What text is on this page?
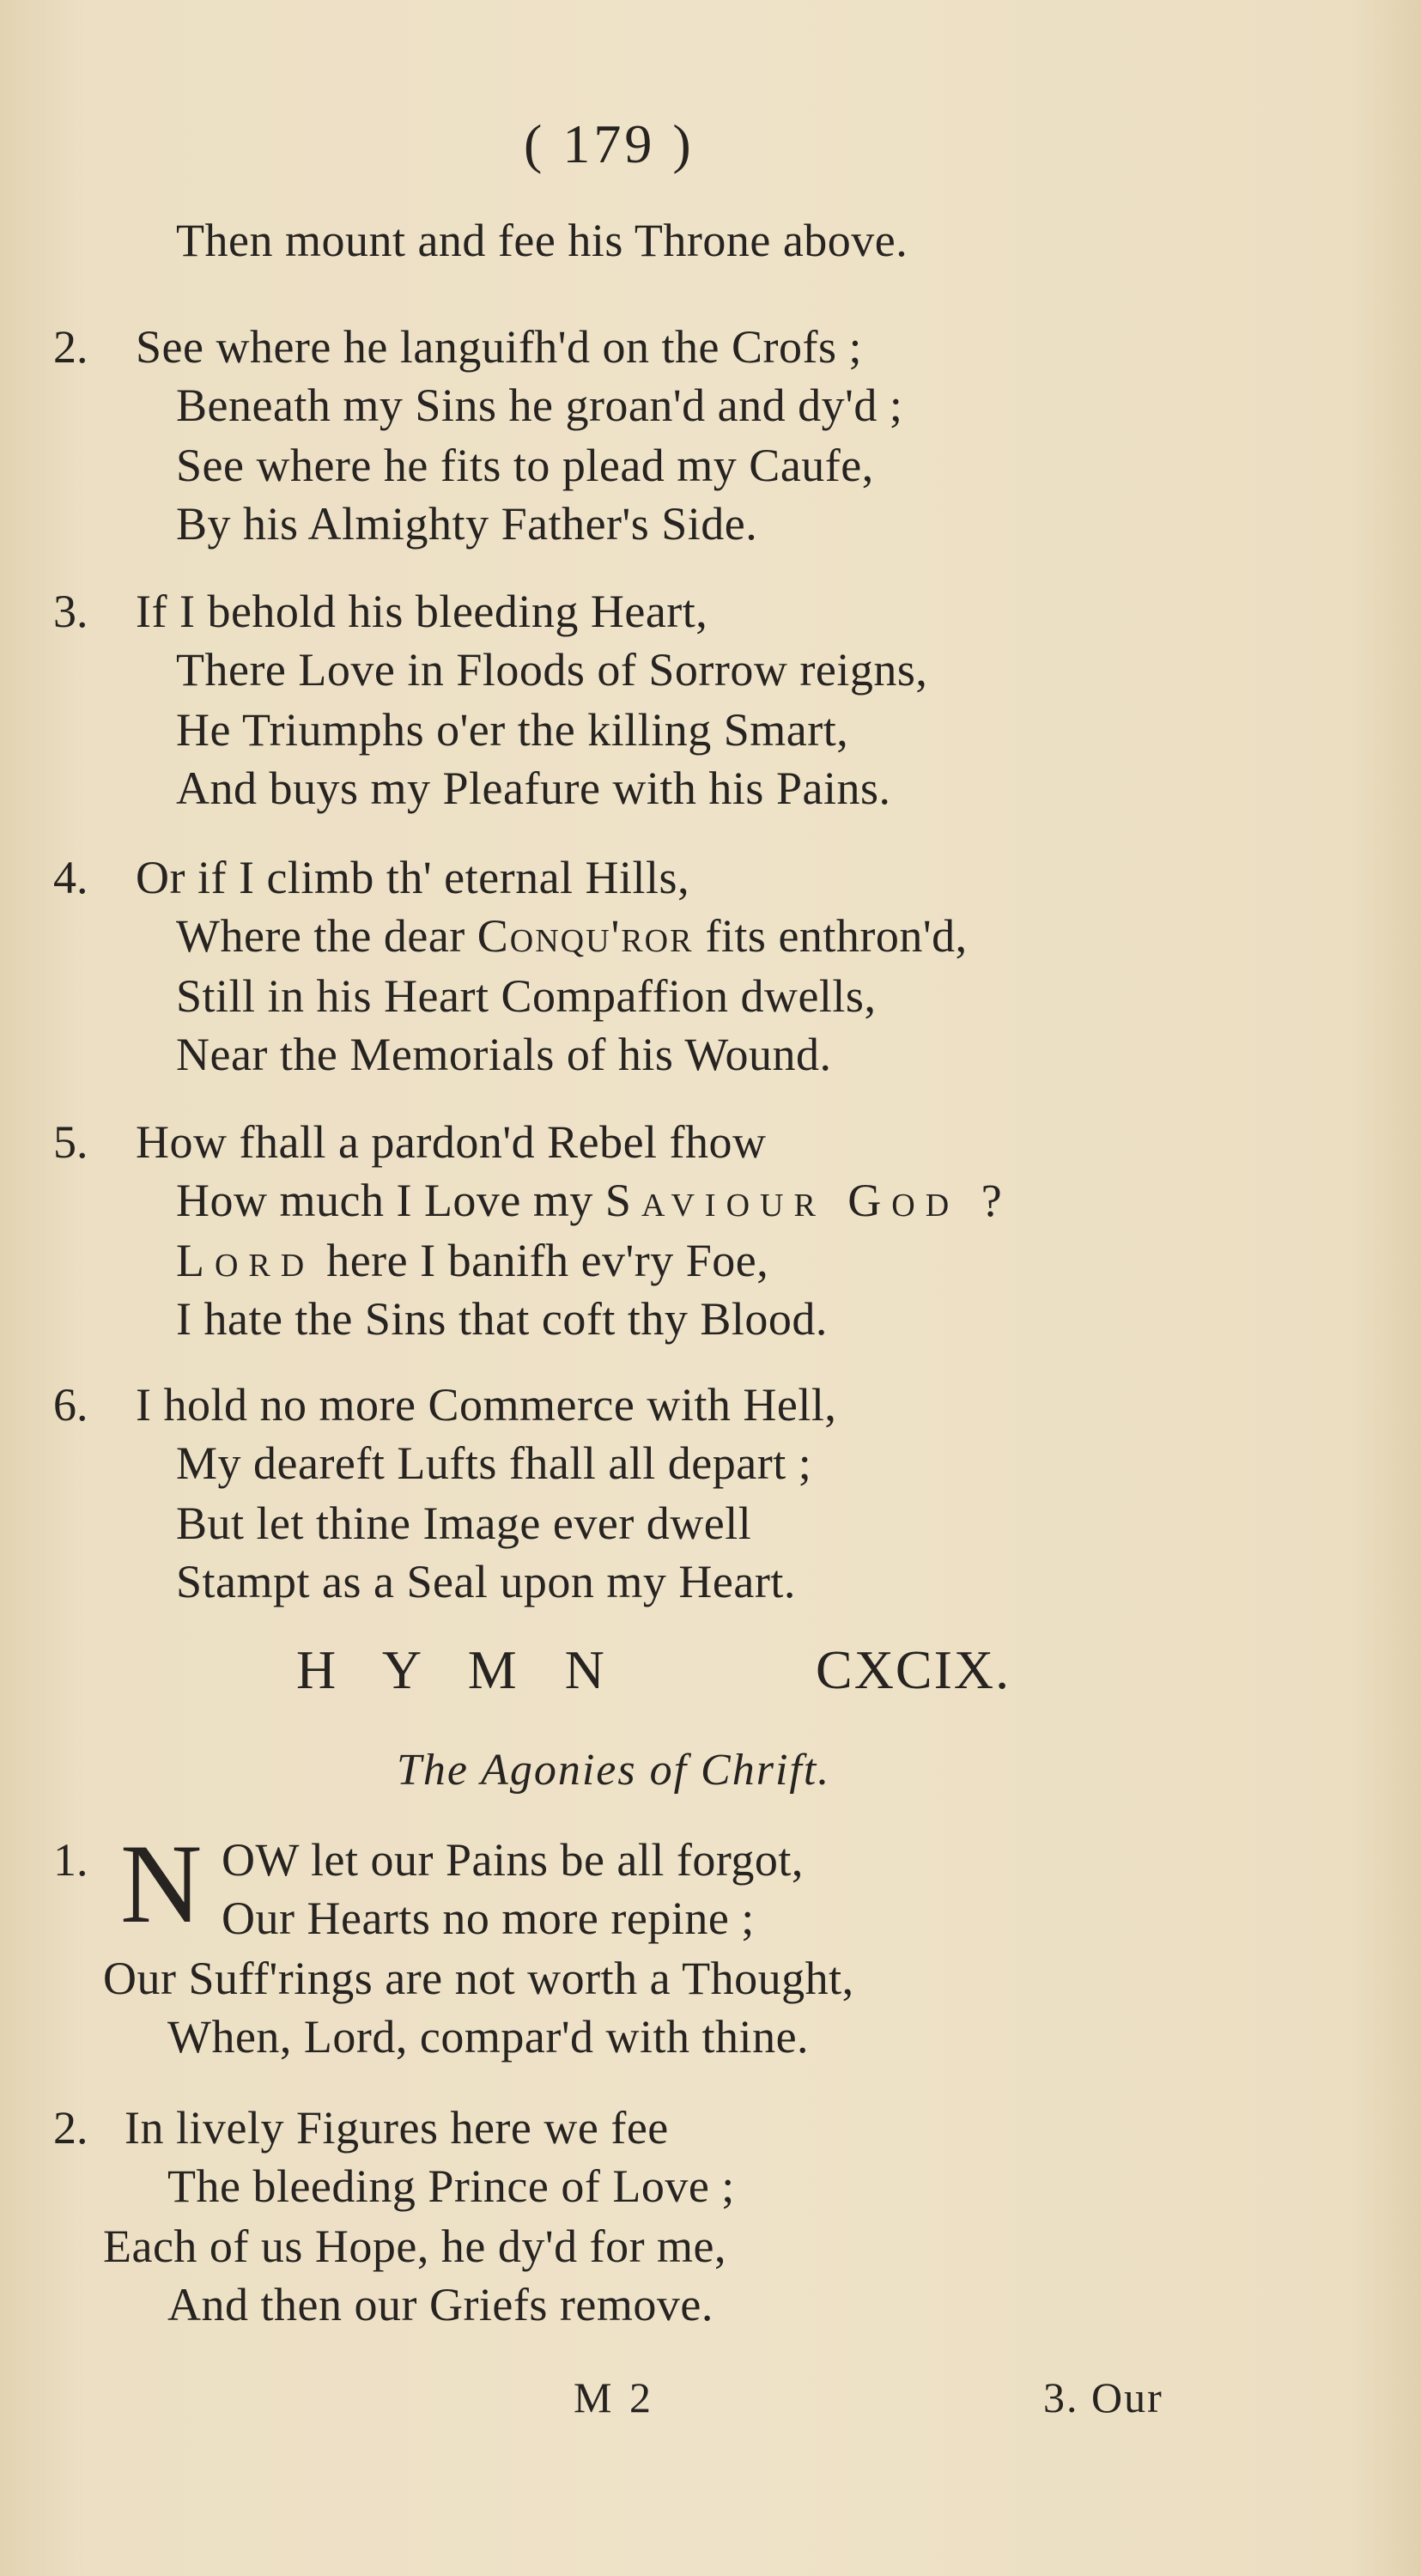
( 179 )
Then mount and fee his Throne above.
2. See where he languifh'd on the Crofs ;
Beneath my Sins he groan'd and dy'd ;
See where he fits to plead my Caufe,
By his Almighty Father's Side.
3. If I behold his bleeding Heart,
There Love in Floods of Sorrow reigns,
He Triumphs o'er the killing Smart,
And buys my Pleafure with his Pains.
4. Or if I climb th' eternal Hills,
Where the dear Conqu'ror fits enthron'd,
Still in his Heart Compaffion dwells,
Near the Memorials of his Wound.
5. How fhall a pardon'd Rebel fhow
How much I Love my Saviour God ?
Lord here I banifh ev'ry Foe,
I hate the Sins that coft thy Blood.
6. I hold no more Commerce with Hell,
My deareft Lufts fhall all depart ;
But let thine Image ever dwell
Stampt as a Seal upon my Heart.
H Y M N	CXCIX.
The Agonies of Chrift.
1. N OW let our Pains be all forgot,
Our Hearts no more repine ;
Our Suff'rings are not worth a Thought,
When, Lord, compar'd with thine.
2. In lively Figures here we fee
The bleeding Prince of Love ;
Each of us Hope, he dy'd for me,
And then our Griefs remove.
M 2	3. Our
